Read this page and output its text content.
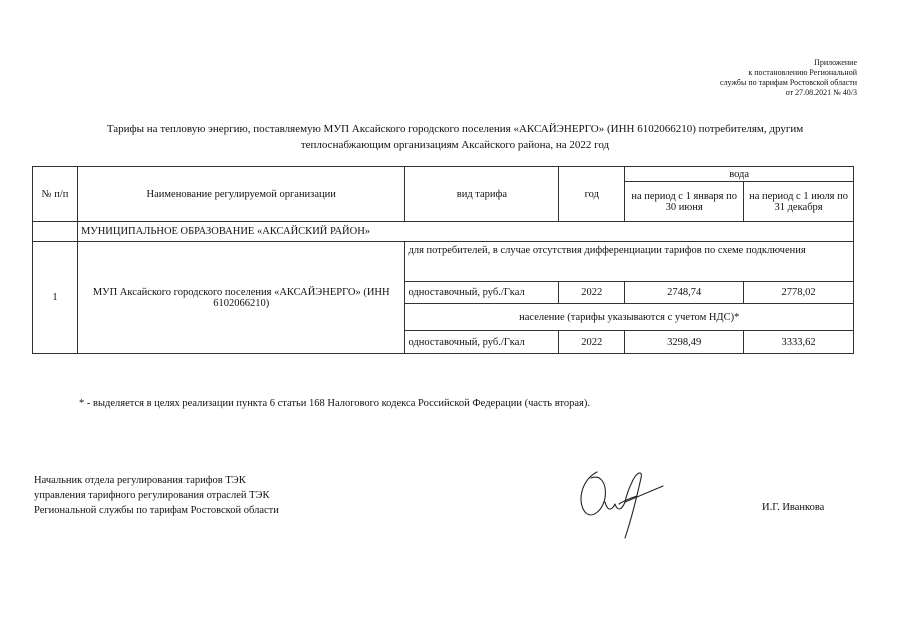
Приложение
к постановлению Региональной
службы по тарифам Ростовской области
от 27.08.2021 № 40/3
Тарифы на тепловую энергию, поставляемую МУП Аксайского городского поселения «АКСАЙЭНЕРГО» (ИНН 6102066210) потребителям, другим
теплоснабжающим организациям Аксайского района, на 2022 год
№ п/п	Наименование регулируемой организации	вид тарифа	год	вода	
				на период с 1 января по 30 июня	на период с 1 июля по 31 декабря
	МУНИЦИПАЛЬНОЕ ОБРАЗОВАНИЕ «АКСАЙСКИЙ РАЙОН»				
1	МУП Аксайского городского поселения «АКСАЙЭНЕРГО» (ИНН 6102066210)	для потребителей, в случае отсутствия дифференциации тарифов по схеме подключения			
		одноставочный, руб./Гкал	2022	2748,74	2778,02
		население (тарифы указываются с учетом НДС)*			
		одноставочный, руб./Гкал	2022	3298,49	3333,62
* - выделяется в целях реализации пункта 6 статьи 168 Налогового кодекса Российской Федерации (часть вторая).
Начальник отдела регулирования тарифов ТЭК
управления тарифного регулирования отраслей ТЭК
Региональной службы по тарифам Ростовской области	И.Г. Иванкова
